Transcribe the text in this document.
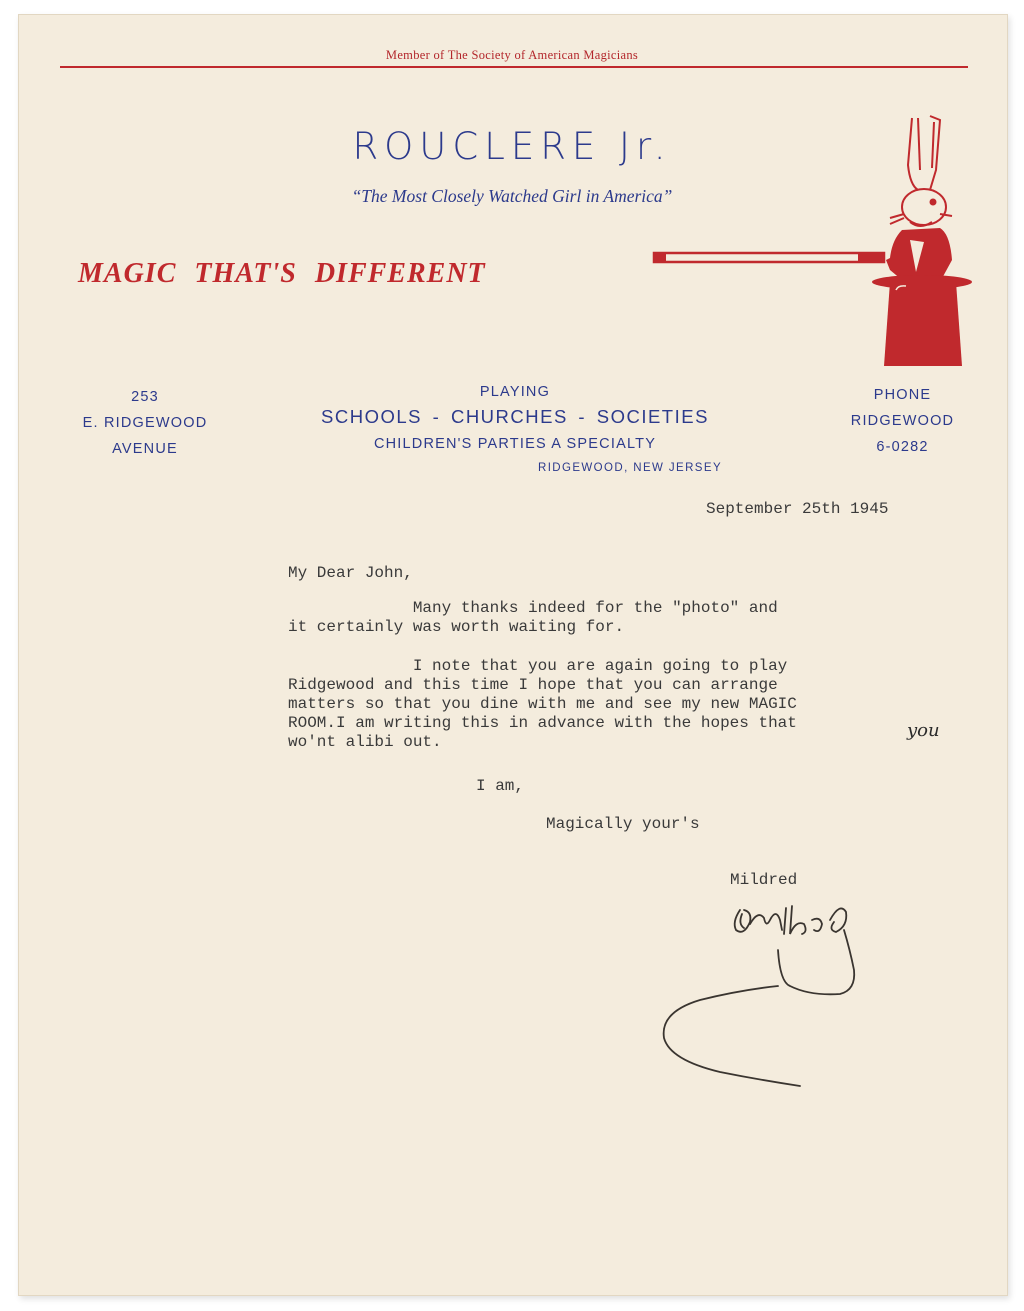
Member of The Society of American Magicians
ROUCLERE Jr.
“The Most Closely Watched Girl in America”
MAGIC THAT'S DIFFERENT
253
E. RIDGEWOOD
AVENUE
PLAYING
SCHOOLS - CHURCHES - SOCIETIES
CHILDREN'S PARTIES A SPECIALTY
RIDGEWOOD, NEW JERSEY
PHONE
RIDGEWOOD
6-0282
September 25th 1945
My Dear John,
Many thanks indeed for the "photo" and
it certainly was worth waiting for.
I note that you are again going to play
Ridgewood and this time I hope that you can arrange
matters so that you dine with me and see my new MAGIC
ROOM.I am writing this in advance with the hopes that
wo'nt alibi out.
you
I am,
Magically your's
Mildred
